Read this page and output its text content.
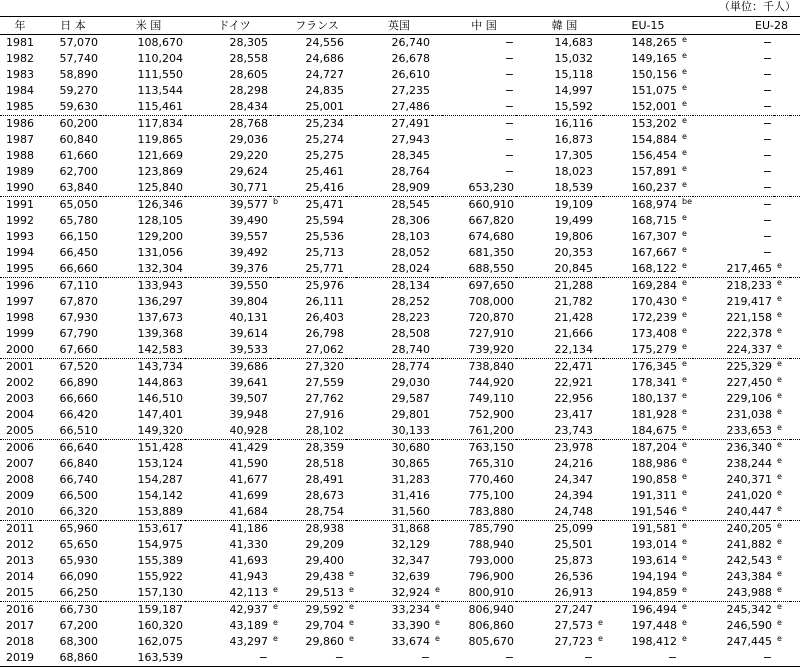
（単位：千人）
年	日 本		米 国		ドイツ		フランス		英国		中 国		韓 国		EU-15		EU-28		
1981	57,070		108,670		28,305		24,556		26,740		−		14,683		148,265	e	−		
1982	57,740		110,204		28,558		24,686		26,678		−		15,032		149,165	e	−		
1983	58,890		111,550		28,605		24,727		26,610		−		15,118		150,156	e	−		
1984	59,270		113,544		28,298		24,835		27,235		−		14,997		151,075	e	−		
1985	59,630		115,461		28,434		25,001		27,486		−		15,592		152,001	e	−		
1986	60,200		117,834		28,768		25,234		27,491		−		16,116		153,202	e	−		
1987	60,840		119,865		29,036		25,274		27,943		−		16,873		154,884	e	−		
1988	61,660		121,669		29,220		25,275		28,345		−		17,305		156,454	e	−		
1989	62,700		123,869		29,624		25,461		28,764		−		18,023		157,891	e	−		
1990	63,840		125,840		30,771		25,416		28,909		653,230		18,539		160,237	e	−		
1991	65,050		126,346		39,577	b	25,471		28,545		660,910		19,109		168,974	be	−		
1992	65,780		128,105		39,490		25,594		28,306		667,820		19,499		168,715	e	−		
1993	66,150		129,200		39,557		25,536		28,103		674,680		19,806		167,307	e	−		
1994	66,450		131,056		39,492		25,713		28,052		681,350		20,353		167,667	e	−		
1995	66,660		132,304		39,376		25,771		28,024		688,550		20,845		168,122	e	217,465	e	
1996	67,110		133,943		39,550		25,976		28,134		697,650		21,288		169,284	e	218,233	e	
1997	67,870		136,297		39,804		26,111		28,252		708,000		21,782		170,430	e	219,417	e	
1998	67,930		137,673		40,131		26,403		28,223		720,870		21,428		172,239	e	221,158	e	
1999	67,790		139,368		39,614		26,798		28,508		727,910		21,666		173,408	e	222,378	e	
2000	67,660		142,583		39,533		27,062		28,740		739,920		22,134		175,279	e	224,337	e	
2001	67,520		143,734		39,686		27,320		28,774		738,840		22,471		176,345	e	225,329	e	
2002	66,890		144,863		39,641		27,559		29,030		744,920		22,921		178,341	e	227,450	e	
2003	66,660		146,510		39,507		27,762		29,587		749,110		22,956		180,137	e	229,106	e	
2004	66,420		147,401		39,948		27,916		29,801		752,900		23,417		181,928	e	231,038	e	
2005	66,510		149,320		40,928		28,102		30,133		761,200		23,743		184,675	e	233,653	e	
2006	66,640		151,428		41,429		28,359		30,680		763,150		23,978		187,204	e	236,340	e	
2007	66,840		153,124		41,590		28,518		30,865		765,310		24,216		188,986	e	238,244	e	
2008	66,740		154,287		41,677		28,491		31,283		770,460		24,347		190,858	e	240,371	e	
2009	66,500		154,142		41,699		28,673		31,416		775,100		24,394		191,311	e	241,020	e	
2010	66,320		153,889		41,684		28,754		31,560		783,880		24,748		191,546	e	240,447	e	
2011	65,960		153,617		41,186		28,938		31,868		785,790		25,099		191,581	e	240,205	e	
2012	65,650		154,975		41,330		29,209		32,129		788,940		25,501		193,014	e	241,882	e	
2013	65,930		155,389		41,693		29,400		32,347		793,000		25,873		193,614	e	242,543	e	
2014	66,090		155,922		41,943		29,438	e	32,639		796,900		26,536		194,194	e	243,384	e	
2015	66,250		157,130		42,113	e	29,513	e	32,924	e	800,910		26,913		194,859	e	243,988	e	
2016	66,730		159,187		42,937	e	29,592	e	33,234	e	806,940		27,247		196,494	e	245,342	e	
2017	67,200		160,320		43,189	e	29,704	e	33,390	e	806,860		27,573	e	197,448	e	246,590	e	
2018	68,300		162,075		43,297	e	29,860	e	33,674	e	805,670		27,723	e	198,412	e	247,445	e	
2019	68,860		163,539		−		−		−		−		−		−		−		
